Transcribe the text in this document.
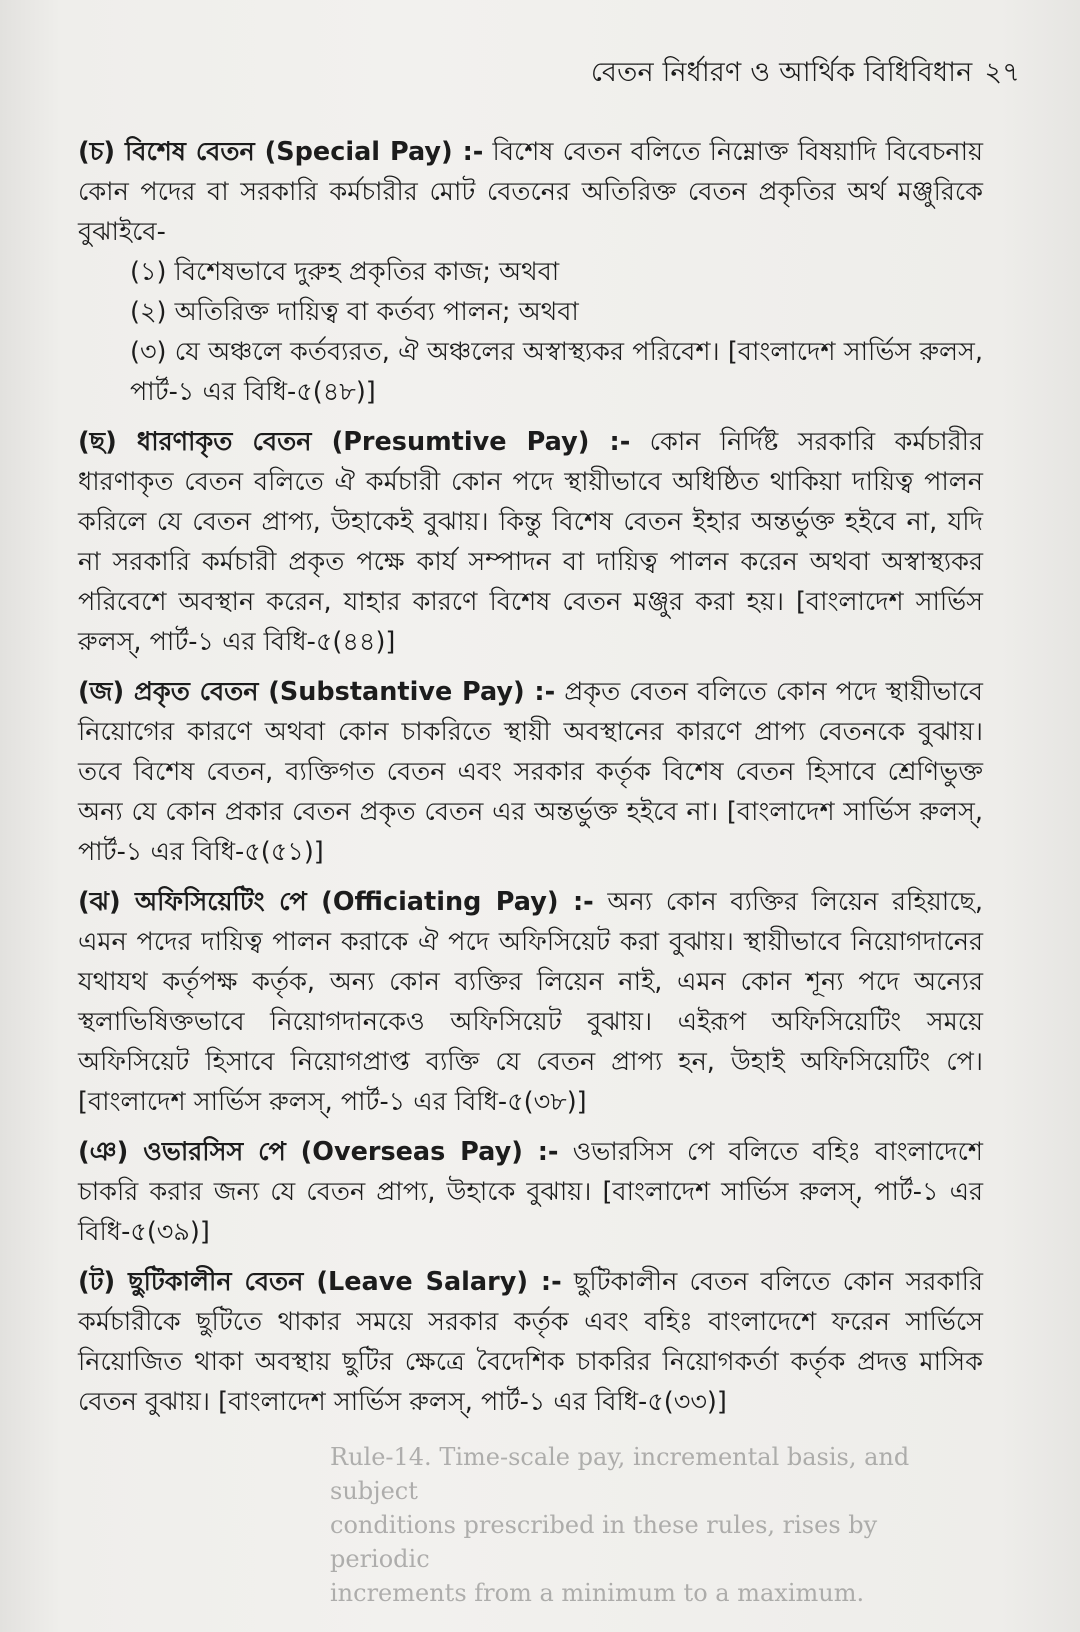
বেতন নির্ধারণ ও আর্থিক বিধিবিধান ২৭
Rule-14. Time-scale pay, incremental basis, and subject
conditions prescribed in these rules, rises by periodic
increments from a minimum to a maximum.

(চ) বিশেষ বেতন (Special Pay) :- বিশেষ বেতন বলিতে নিম্নোক্ত বিষয়াদি বিবেচনায় কোন পদের বা সরকারি কর্মচারীর মোট বেতনের অতিরিক্ত বেতন প্রকৃতির অর্থ মঞ্জুরিকে বুঝাইবে-

(১) বিশেষভাবে দুরুহ প্রকৃতির কাজ; অথবা

(২) অতিরিক্ত দায়িত্ব বা কর্তব্য পালন; অথবা

(৩) যে অঞ্চলে কর্তব্যরত, ঐ অঞ্চলের অস্বাস্থ্যকর পরিবেশ। [বাংলাদেশ সার্ভিস রুলস, পার্ট-১ এর বিধি-৫(৪৮)]

(ছ) ধারণাকৃত বেতন (Presumtive Pay) :- কোন নির্দিষ্ট সরকারি কর্মচারীর ধারণাকৃত বেতন বলিতে ঐ কর্মচারী কোন পদে স্থায়ীভাবে অধিষ্ঠিত থাকিয়া দায়িত্ব পালন করিলে যে বেতন প্রাপ্য, উহাকেই বুঝায়। কিন্তু বিশেষ বেতন ইহার অন্তর্ভুক্ত হইবে না, যদি না সরকারি কর্মচারী প্রকৃত পক্ষে কার্য সম্পাদন বা দায়িত্ব পালন করেন অথবা অস্বাস্থ্যকর পরিবেশে অবস্থান করেন, যাহার কারণে বিশেষ বেতন মঞ্জুর করা হয়। [বাংলাদেশ সার্ভিস রুলস্, পার্ট-১ এর বিধি-৫(৪৪)]

(জ) প্রকৃত বেতন (Substantive Pay) :- প্রকৃত বেতন বলিতে কোন পদে স্থায়ীভাবে নিয়োগের কারণে অথবা কোন চাকরিতে স্থায়ী অবস্থানের কারণে প্রাপ্য বেতনকে বুঝায়। তবে বিশেষ বেতন, ব্যক্তিগত বেতন এবং সরকার কর্তৃক বিশেষ বেতন হিসাবে শ্রেণিভুক্ত অন্য যে কোন প্রকার বেতন প্রকৃত বেতন এর অন্তর্ভুক্ত হইবে না। [বাংলাদেশ সার্ভিস রুলস্, পার্ট-১ এর বিধি-৫(৫১)]

(ঝ) অফিসিয়েটিং পে (Officiating Pay) :- অন্য কোন ব্যক্তির লিয়েন রহিয়াছে, এমন পদের দায়িত্ব পালন করাকে ঐ পদে অফিসিয়েট করা বুঝায়। স্থায়ীভাবে নিয়োগদানের যথাযথ কর্তৃপক্ষ কর্তৃক, অন্য কোন ব্যক্তির লিয়েন নাই, এমন কোন শূন্য পদে অন্যের স্থলাভিষিক্তভাবে নিয়োগদানকেও অফিসিয়েট বুঝায়। এইরূপ অফিসিয়েটিং সময়ে অফিসিয়েট হিসাবে নিয়োগপ্রাপ্ত ব্যক্তি যে বেতন প্রাপ্য হন, উহাই অফিসিয়েটিং পে। [বাংলাদেশ সার্ভিস রুলস্, পার্ট-১ এর বিধি-৫(৩৮)]

(ঞ) ওভারসিস পে (Overseas Pay) :- ওভারসিস পে বলিতে বহিঃ বাংলাদেশে চাকরি করার জন্য যে বেতন প্রাপ্য, উহাকে বুঝায়। [বাংলাদেশ সার্ভিস রুলস্, পার্ট-১ এর বিধি-৫(৩৯)]

(ট) ছুটিকালীন বেতন (Leave Salary) :- ছুটিকালীন বেতন বলিতে কোন সরকারি কর্মচারীকে ছুটিতে থাকার সময়ে সরকার কর্তৃক এবং বহিঃ বাংলাদেশে ফরেন সার্ভিসে নিয়োজিত থাকা অবস্থায় ছুটির ক্ষেত্রে বৈদেশিক চাকরির নিয়োগকর্তা কর্তৃক প্রদত্ত মাসিক বেতন বুঝায়। [বাংলাদেশ সার্ভিস রুলস্, পার্ট-১ এর বিধি-৫(৩৩)]
